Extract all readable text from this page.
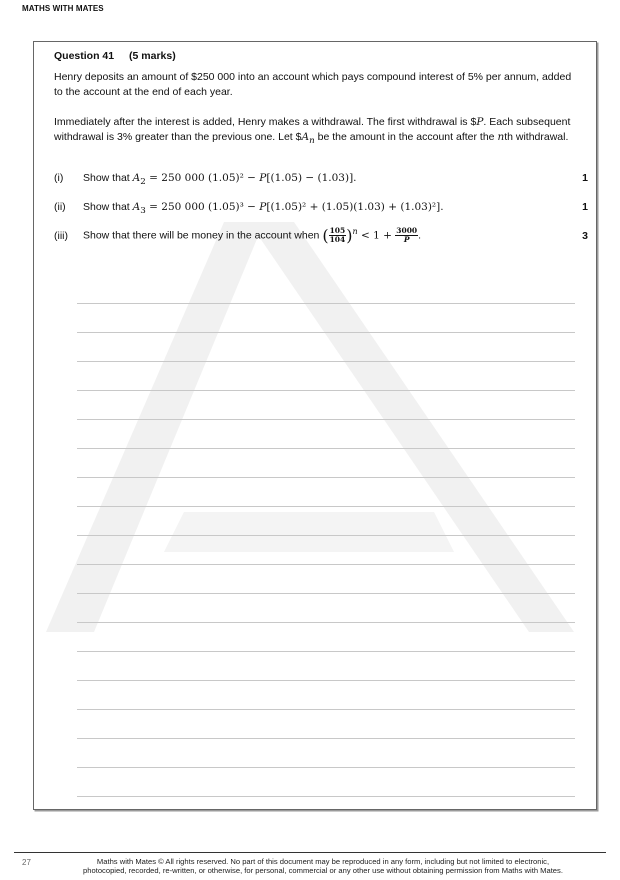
MATHS WITH MATES
Question 41 (5 marks)

Henry deposits an amount of $250 000 into an account which pays compound interest of 5% per annum, added to the account at the end of each year.

Immediately after the interest is added, Henry makes a withdrawal. The first withdrawal is $P. Each subsequent withdrawal is 3% greater than the previous one. Let $\$A_n$ be the amount in the account after the nth withdrawal.

(i) Show that $A_2 = 250$ 000 (1.05)² − P[(1.05) − (1.03)].	1
(ii) Show that $A_3 = 250$ 000 (1.05)³ − P[(1.05)² + (1.05)(1.03) + (1.03)²].	1
(iii) Show that there will be money in the account when ( $\frac{105}{104} )^n < 1 + \frac{3000}{P}$ .	3
27	Maths with Mates © All rights reserved. No part of this document may be reproduced in any form, including but not limited to electronic,
photocopied, recorded, re-written, or otherwise, for personal, commercial or any other use without obtaining permission from Maths with Mates.
